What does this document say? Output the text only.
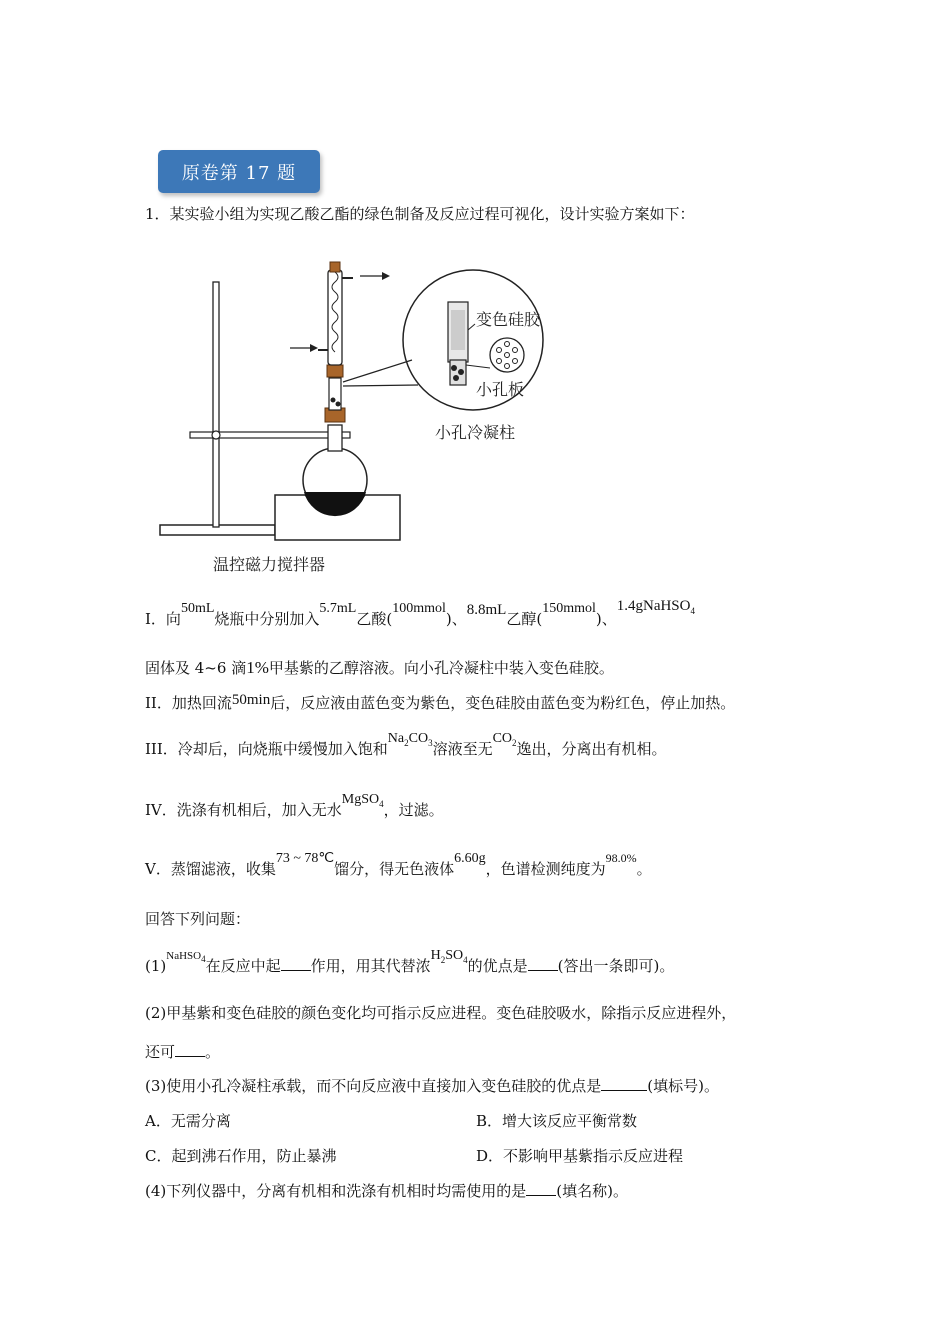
原卷第 17 题
1．某实验小组为实现乙酸乙酯的绿色制备及反应过程可视化，设计实验方案如下：
变色硅胶
小孔板
小孔冷凝柱
温控磁力搅拌器
I．向50mL烧瓶中分别加入5.7mL乙酸(100mmol)、8.8mL乙醇(150mmol)、1.4gNaHSO$_4$
固体及 4~6 滴1%甲基紫的乙醇溶液。向小孔冷凝柱中装入变色硅胶。
II．加热回流50min后，反应液由蓝色变为紫色，变色硅胶由蓝色变为粉红色，停止加热。
III．冷却后，向烧瓶中缓慢加入饱和$Na_2CO_3$溶液至无$CO_2$逸出，分离出有机相。
IV．洗涤有机相后，加入无水MgSO$_4$，过滤。
V．蒸馏滤液，收集73 ~ 78℃馏分，得无色液体6.60g，色谱检测纯度为$^{98.0\%}$。
回答下列问题：
$(1)^{NaHSO_4}$在反应中起 作用，用其代替浓$H_2SO_4$的优点是 (答出一条即可)。
(2)甲基紫和变色硅胶的颜色变化均可指示反应进程。变色硅胶吸水，除指示反应进程外，
还可 。
(3)使用小孔冷凝柱承载，而不向反应液中直接加入变色硅胶的优点是	(填标号)。
A．无需分离	B．增大该反应平衡常数
C．起到沸石作用，防止暴沸	D．不影响甲基紫指示反应进程
(4)下列仪器中，分离有机相和洗涤有机相时均需使用的是 (填名称)。
